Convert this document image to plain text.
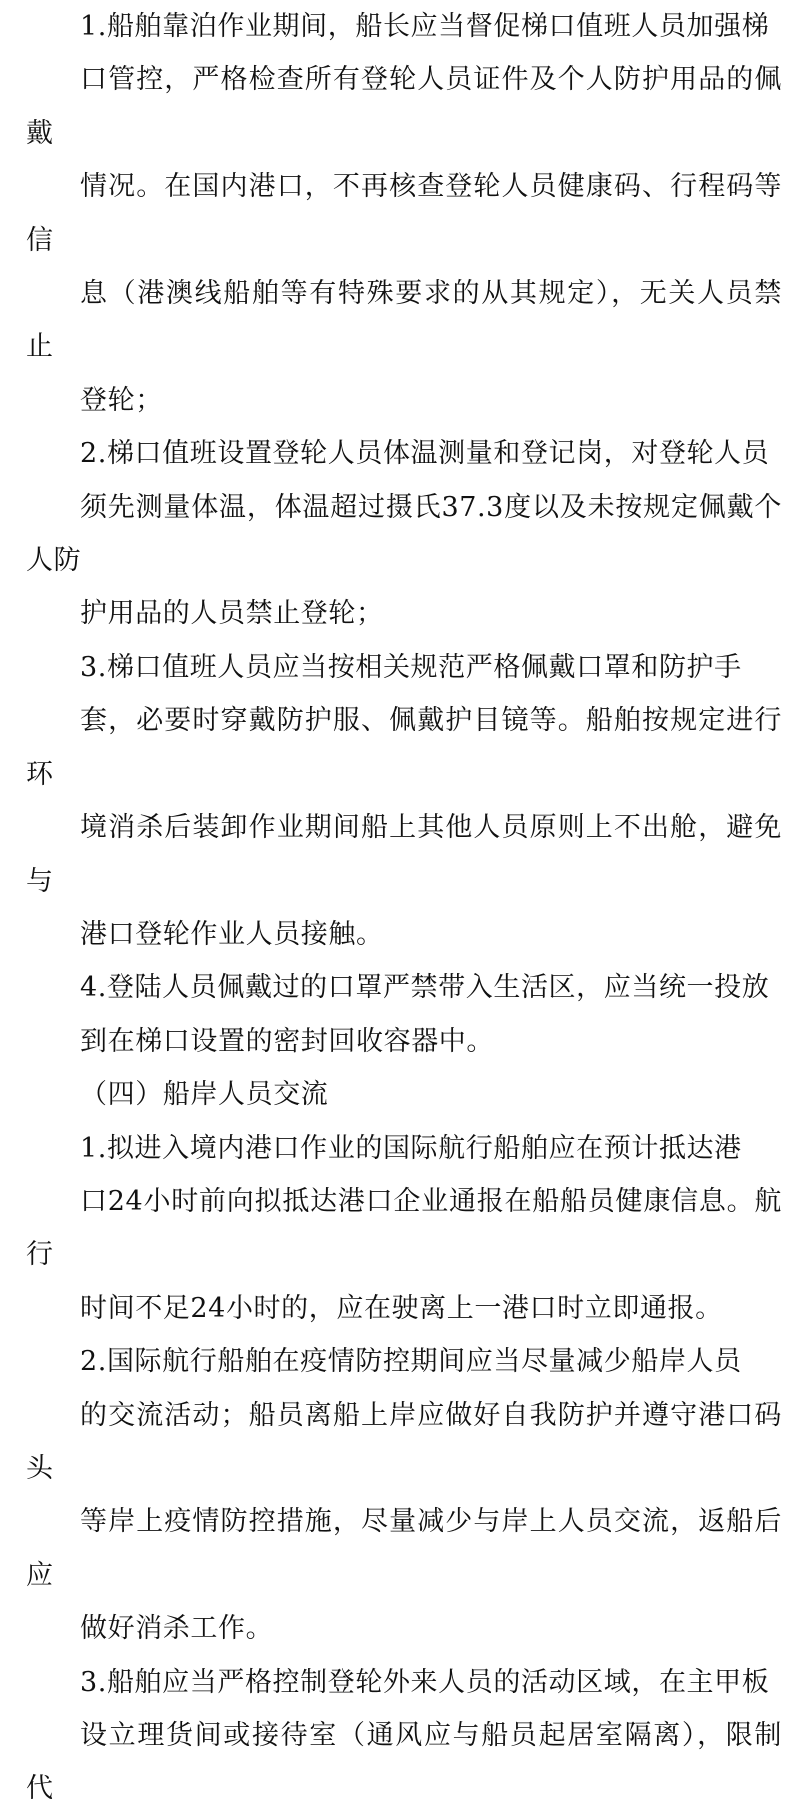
1.船舶靠泊作业期间，船长应当督促梯口值班人员加强梯
口管控，严格检查所有登轮人员证件及个人防护用品的佩戴
情况。在国内港口，不再核查登轮人员健康码、行程码等信
息（港澳线船舶等有特殊要求的从其规定），无关人员禁止
登轮；
2.梯口值班设置登轮人员体温测量和登记岗，对登轮人员
须先测量体温，体温超过摄氏37.3度以及未按规定佩戴个人防
护用品的人员禁止登轮；
3.梯口值班人员应当按相关规范严格佩戴口罩和防护手
套，必要时穿戴防护服、佩戴护目镜等。船舶按规定进行环
境消杀后装卸作业期间船上其他人员原则上不出舱，避免与
港口登轮作业人员接触。
4.登陆人员佩戴过的口罩严禁带入生活区，应当统一投放
到在梯口设置的密封回收容器中。
（四）船岸人员交流
1.拟进入境内港口作业的国际航行船舶应在预计抵达港
口24小时前向拟抵达港口企业通报在船船员健康信息。航行
时间不足24小时的，应在驶离上一港口时立即通报。
2.国际航行船舶在疫情防控期间应当尽量减少船岸人员
的交流活动；船员离船上岸应做好自我防护并遵守港口码头
等岸上疫情防控措施，尽量减少与岸上人员交流，返船后应
做好消杀工作。
3.船舶应当严格控制登轮外来人员的活动区域，在主甲板
设立理货间或接待室（通风应与船员起居室隔离），限制代
